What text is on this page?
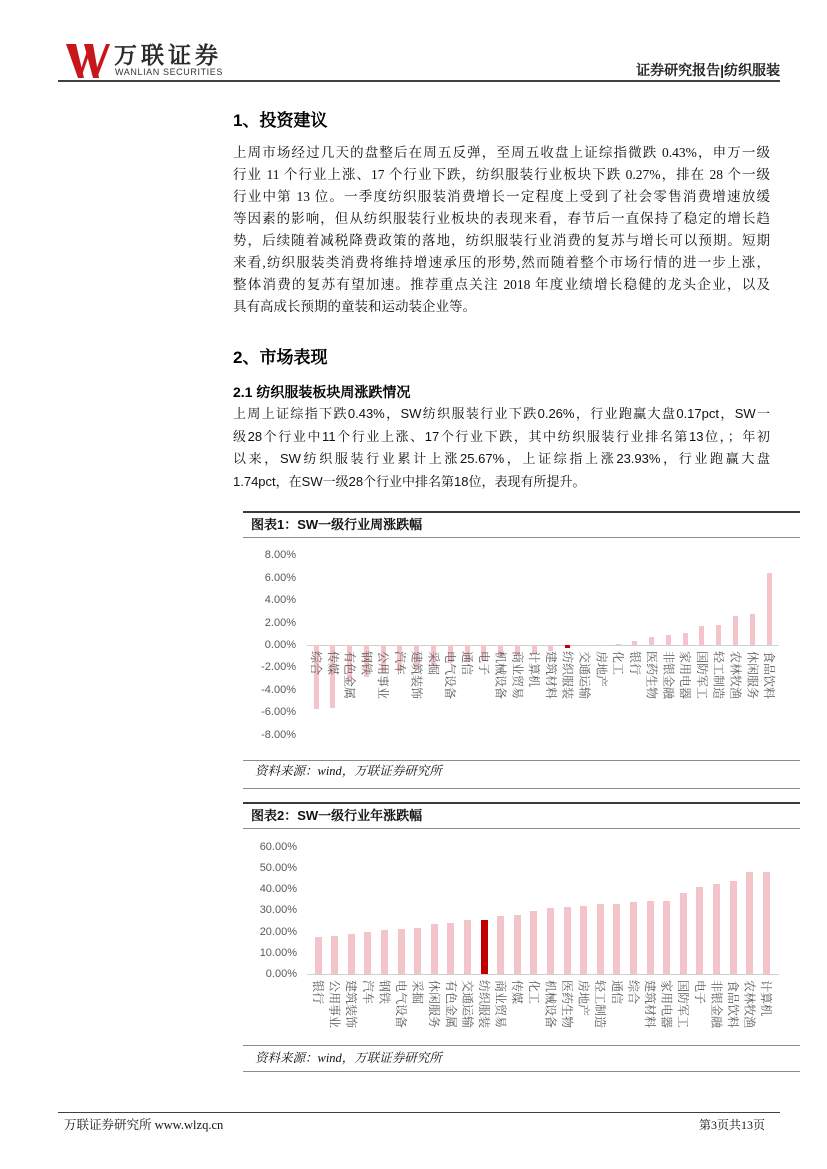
万联证券
WANLIAN SECURITIES	证券研究报告|纺织服装
1、投资建议
上周市场经过几天的盘整后在周五反弹，至周五收盘上证综指微跌 0.43%，申万一级
行业 11 个行业上涨、17 个行业下跌，纺织服装行业板块下跌 0.27%，排在 28 个一级
行业中第 13 位。一季度纺织服装消费增长一定程度上受到了社会零售消费增速放缓
等因素的影响，但从纺织服装行业板块的表现来看，春节后一直保持了稳定的增长趋
势，后续随着减税降费政策的落地，纺织服装行业消费的复苏与增长可以预期。短期
来看,纺织服装类消费将维持增速承压的形势,然而随着整个市场行情的进一步上涨，
整体消费的复苏有望加速。推荐重点关注 2018 年度业绩增长稳健的龙头企业，以及
具有高成长预期的童装和运动装企业等。
2、市场表现
2.1 纺织服装板块周涨跌情况
上周上证综指下跌0.43%，SW纺织服装行业下跌0.26%，行业跑赢大盘0.17pct，SW一
级28个行业中11个行业上涨、17个行业下跌，其中纺织服装行业排名第13位，；年初
以来，SW纺织服装行业累计上涨25.67%，上证综指上涨23.93%，行业跑赢大盘
1.74pct，在SW一级28个行业中排名第18位，表现有所提升。
图表1：SW一级行业周涨跌幅
8.00%
6.00%
4.00%
2.00%
0.00%
-2.00%
-4.00%
-6.00%
-8.00%
综合 传媒 有色金属 钢铁 公用事业 汽车 建筑装饰 采掘 电气设备 通信 电子 机械设备 商业贸易 计算机 建筑材料 纺织服装 交通运输 房地产 化工 银行 医药生物 非银金融 家用电器 国防军工 轻工制造 农林牧渔 休闲服务 食品饮料
资料来源：wind，万联证券研究所
图表2：SW一级行业年涨跌幅
60.00%
50.00%
40.00%
30.00%
20.00%
10.00%
0.00%
银行 公用事业 建筑装饰 汽车 钢铁 电气设备 采掘 休闲服务 有色金属 交通运输 纺织服装 商业贸易 传媒 化工 机械设备 医药生物 房地产 轻工制造 通信 综合 建筑材料 家用电器 国防军工 电子 非银金融 食品饮料 农林牧渔 计算机
资料来源：wind，万联证券研究所
万联证券研究所 www.wlzq.cn	第3页共13页
